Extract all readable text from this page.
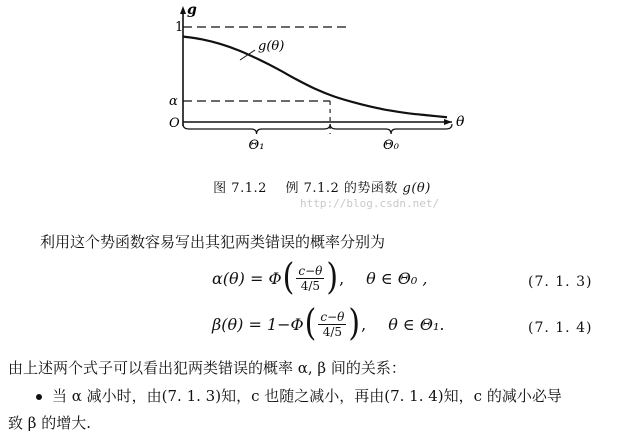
g(θ)
g
θ
1
α
O
Θ₁	Θ₀
http://blog.csdn.net/
图 7.1.2 例 7.1.2 的势函数 g(θ)
利用这个势函数容易写出其犯两类错误的概率分别为
α(θ) = Φ ( $\frac{c-\theta}{4/5}$ ) , θ ∈ Θ₀ ,	(7. 1. 3)
β(θ) = 1−Φ ( $\frac{c-\theta}{4/5}$ ) , θ ∈ Θ₁.	(7. 1. 4)
由上述两个式子可以看出犯两类错误的概率 α, β 间的关系：
当 α 减小时，由(7. 1. 3)知，c 也随之减小，再由(7. 1. 4)知，c 的减小必导
致 β 的增大.
